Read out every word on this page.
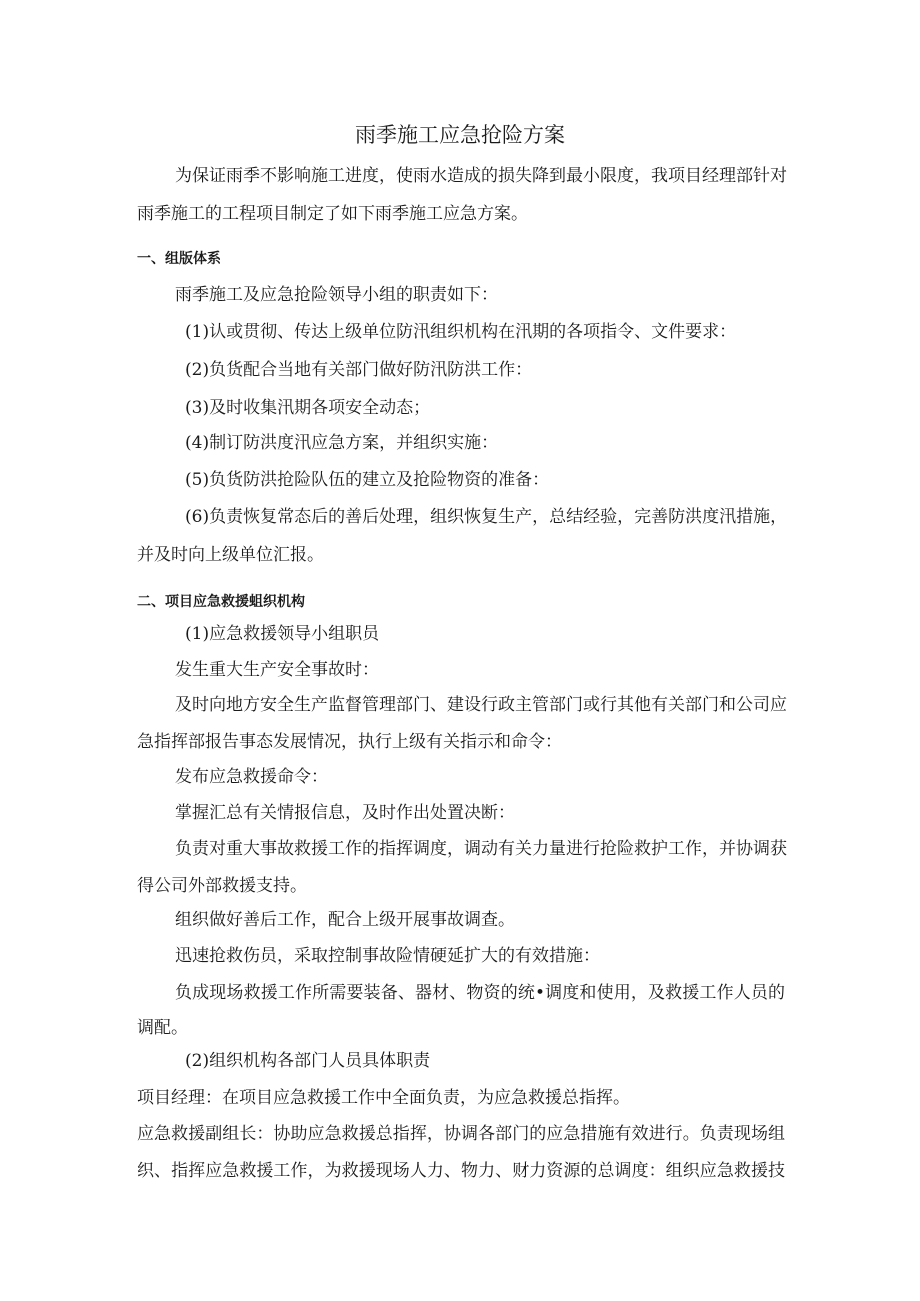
雨季施工应急抢险方案
为保证雨季不影响施工进度，使雨水造成的损失降到最小限度，我项目经理部针对
雨季施工的工程项目制定了如下雨季施工应急方案。
一、组版体系
雨季施工及应急抢险领导小组的职责如下：
(1)认或贯彻、传达上级单位防汛组织机构在汛期的各项指令、文件要求：
(2)负货配合当地有关部门做好防汛防洪工作：
(3)及时收集汛期各项安全动态；
(4)制订防洪度汛应急方案，并组织实施：
(5)负货防洪抢险队伍的建立及抢险物资的准备：
(6)负责恢复常态后的善后处理，组织恢复生产，总结经验，完善防洪度汛措施，
并及时向上级单位汇报。
二、项目应急救援蛆织机构
(1)应急救援领导小组职员
发生重大生产安全事故时：
及时向地方安全生产监督管理部门、建设行政主管部门或行其他有关部门和公司应
急指挥部报告事态发展情况，执行上级有关指示和命令：
发布应急救援命令：
掌握汇总有关情报信息，及时作出处置决断：
负责对重大事故救援工作的指挥调度，调动有关力量进行抢险救护工作，并协调获
得公司外部救援支持。
组织做好善后工作，配合上级开展事故调查。
迅速抢救伤员，采取控制事故险情硬延扩大的有效措施：
负成现场救援工作所需要装备、器材、物资的统•调度和使用，及救援工作人员的
调配。
(2)组织机构各部门人员具体职责
项目经理：在项目应急救援工作中全面负责，为应急救援总指挥。
应急救援副组长：协助应急救援总指挥，协调各部门的应急措施有效进行。负责现场组
织、指挥应急救援工作，为救援现场人力、物力、财力资源的总调度：组织应急救援技
